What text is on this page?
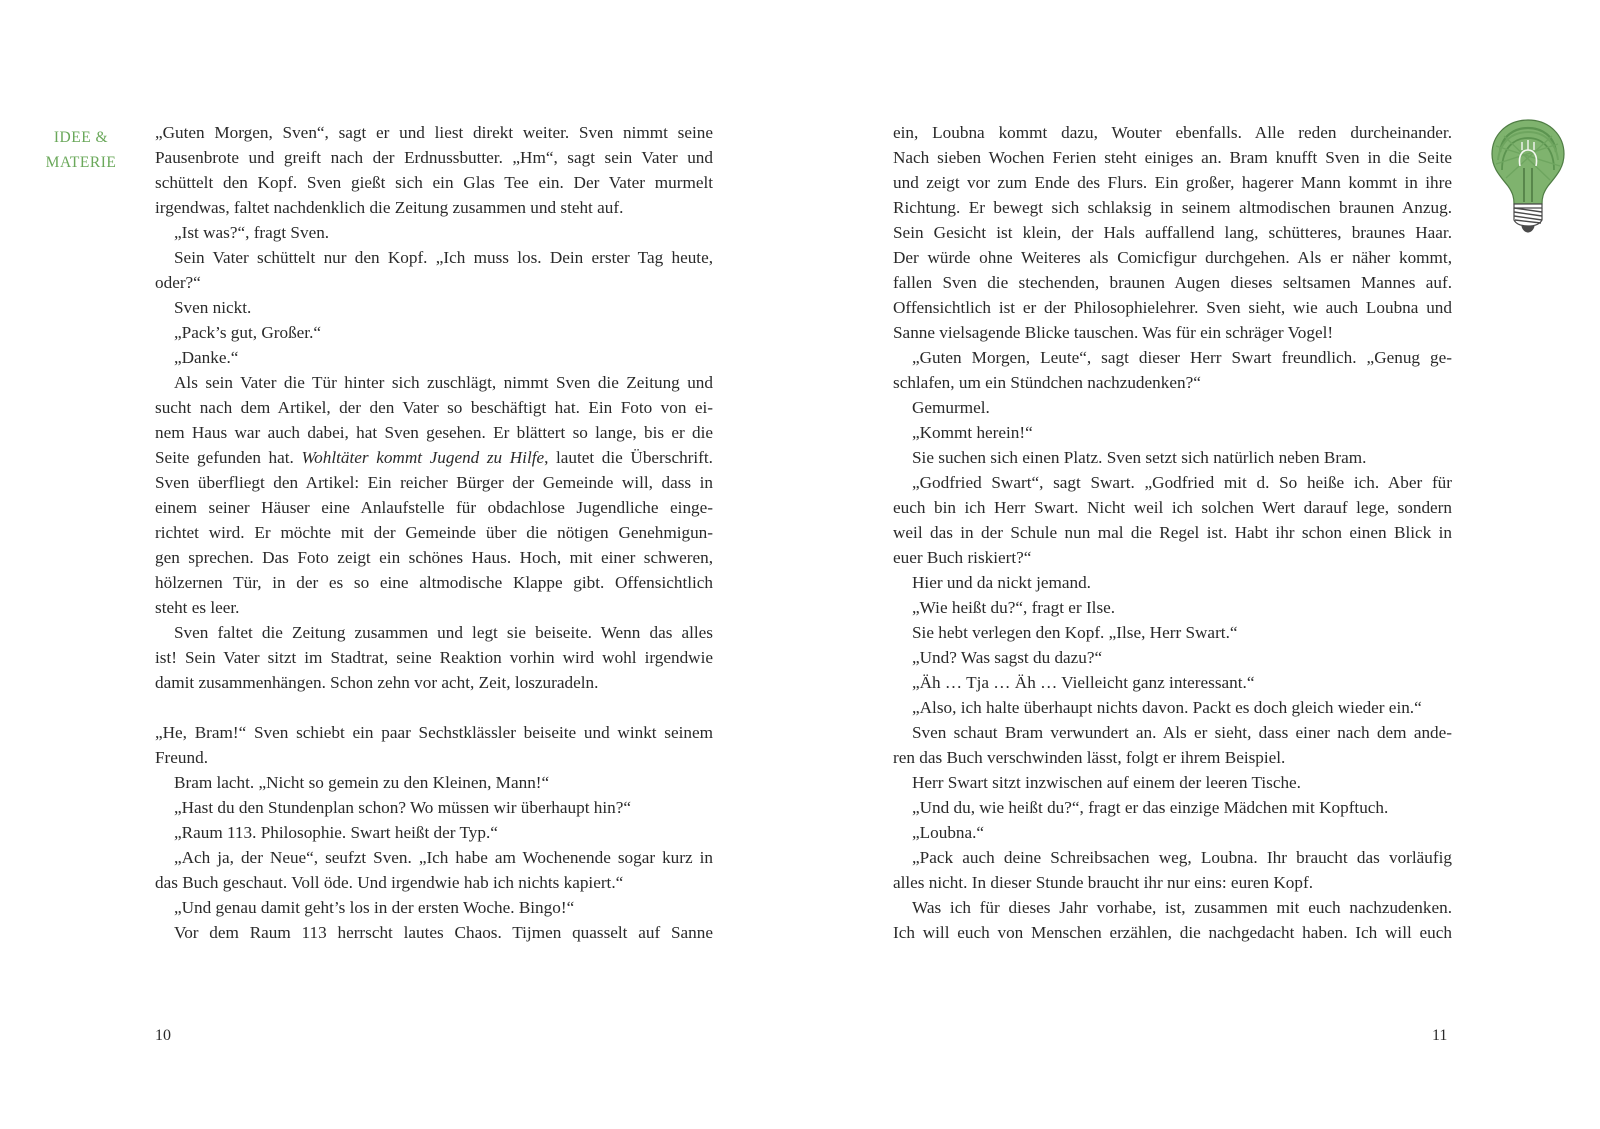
IDEE &
MATERIE
„Guten Morgen, Sven“, sagt er und liest direkt weiter. Sven nimmt seine
Pausenbrote und greift nach der Erdnussbutter. „Hm“, sagt sein Vater und
schüttelt den Kopf. Sven gießt sich ein Glas Tee ein. Der Vater murmelt
irgendwas, faltet nachdenklich die Zeitung zusammen und steht auf.
„Ist was?“, fragt Sven.
Sein Vater schüttelt nur den Kopf. „Ich muss los. Dein erster Tag heute,
oder?“
Sven nickt.
„Pack’s gut, Großer.“
„Danke.“
Als sein Vater die Tür hinter sich zuschlägt, nimmt Sven die Zeitung und
sucht nach dem Artikel, der den Vater so beschäftigt hat. Ein Foto von ei-
nem Haus war auch dabei, hat Sven gesehen. Er blättert so lange, bis er die
Seite gefunden hat. Wohltäter kommt Jugend zu Hilfe, lautet die Überschrift.
Sven überfliegt den Artikel: Ein reicher Bürger der Gemeinde will, dass in
einem seiner Häuser eine Anlaufstelle für obdachlose Jugendliche einge-
richtet wird. Er möchte mit der Gemeinde über die nötigen Genehmigun-
gen sprechen. Das Foto zeigt ein schönes Haus. Hoch, mit einer schweren,
hölzernen Tür, in der es so eine altmodische Klappe gibt. Offensichtlich
steht es leer.
Sven faltet die Zeitung zusammen und legt sie beiseite. Wenn das alles
ist! Sein Vater sitzt im Stadtrat, seine Reaktion vorhin wird wohl irgendwie
damit zusammenhängen. Schon zehn vor acht, Zeit, loszuradeln.
„He, Bram!“ Sven schiebt ein paar Sechstklässler beiseite und winkt seinem
Freund.
Bram lacht. „Nicht so gemein zu den Kleinen, Mann!“
„Hast du den Stundenplan schon? Wo müssen wir überhaupt hin?“
„Raum 113. Philosophie. Swart heißt der Typ.“
„Ach ja, der Neue“, seufzt Sven. „Ich habe am Wochenende sogar kurz in
das Buch geschaut. Voll öde. Und irgendwie hab ich nichts kapiert.“
„Und genau damit geht’s los in der ersten Woche. Bingo!“
Vor dem Raum 113 herrscht lautes Chaos. Tijmen quasselt auf Sanne
ein, Loubna kommt dazu, Wouter ebenfalls. Alle reden durcheinander.
Nach sieben Wochen Ferien steht einiges an. Bram knufft Sven in die Seite
und zeigt vor zum Ende des Flurs. Ein großer, hagerer Mann kommt in ihre
Richtung. Er bewegt sich schlaksig in seinem altmodischen braunen Anzug.
Sein Gesicht ist klein, der Hals auffallend lang, schütteres, braunes Haar.
Der würde ohne Weiteres als Comicfigur durchgehen. Als er näher kommt,
fallen Sven die stechenden, braunen Augen dieses seltsamen Mannes auf.
Offensichtlich ist er der Philosophielehrer. Sven sieht, wie auch Loubna und
Sanne vielsagende Blicke tauschen. Was für ein schräger Vogel!
„Guten Morgen, Leute“, sagt dieser Herr Swart freundlich. „Genug ge-
schlafen, um ein Stündchen nachzudenken?“
Gemurmel.
„Kommt herein!“
Sie suchen sich einen Platz. Sven setzt sich natürlich neben Bram.
„Godfried Swart“, sagt Swart. „Godfried mit d. So heiße ich. Aber für
euch bin ich Herr Swart. Nicht weil ich solchen Wert darauf lege, sondern
weil das in der Schule nun mal die Regel ist. Habt ihr schon einen Blick in
euer Buch riskiert?“
Hier und da nickt jemand.
„Wie heißt du?“, fragt er Ilse.
Sie hebt verlegen den Kopf. „Ilse, Herr Swart.“
„Und? Was sagst du dazu?“
„Äh … Tja … Äh … Vielleicht ganz interessant.“
„Also, ich halte überhaupt nichts davon. Packt es doch gleich wieder ein.“
Sven schaut Bram verwundert an. Als er sieht, dass einer nach dem ande-
ren das Buch verschwinden lässt, folgt er ihrem Beispiel.
Herr Swart sitzt inzwischen auf einem der leeren Tische.
„Und du, wie heißt du?“, fragt er das einzige Mädchen mit Kopftuch.
„Loubna.“
„Pack auch deine Schreibsachen weg, Loubna. Ihr braucht das vorläufig
alles nicht. In dieser Stunde braucht ihr nur eins: euren Kopf.
Was ich für dieses Jahr vorhabe, ist, zusammen mit euch nachzudenken.
Ich will euch von Menschen erzählen, die nachgedacht haben. Ich will euch
10	11
